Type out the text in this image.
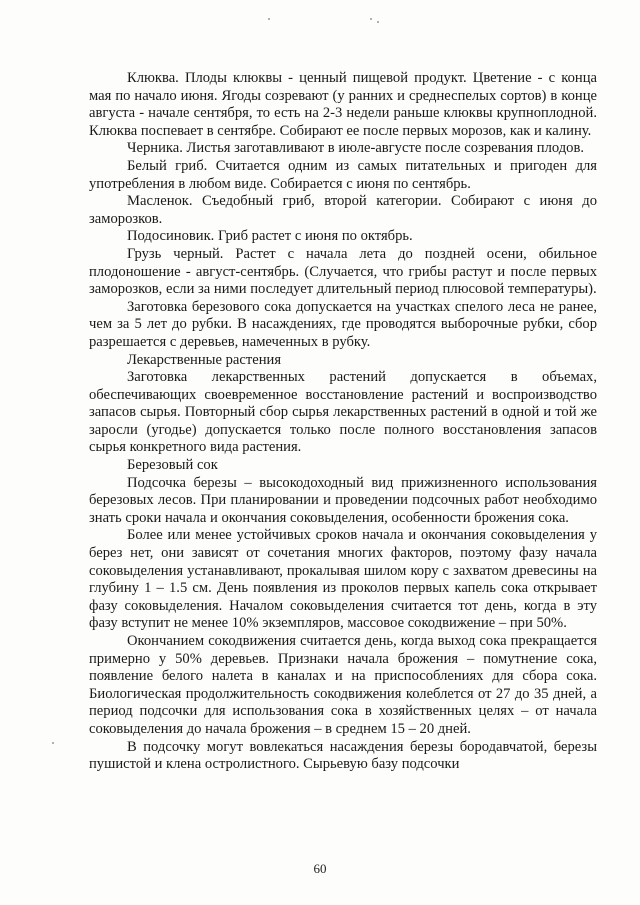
Клюква. Плоды клюквы - ценный пищевой продукт. Цветение - с конца мая по начало июня. Ягоды созревают (у ранних и среднеспелых сортов) в конце августа - начале сентября, то есть на 2-3 недели раньше клюквы крупноплодной. Клюква поспевает в сентябре. Собирают ее после первых морозов, как и калину.

Черника. Листья заготавливают в июле-августе после созревания плодов.

Белый гриб. Считается одним из самых питательных и пригоден для употребления в любом виде. Собирается с июня по сентябрь.

Масленок. Съедобный гриб, второй категории. Собирают с июня до заморозков.

Подосиновик. Гриб растет с июня по октябрь.

Грузь черный. Растет с начала лета до поздней осени, обильное плодоношение - август-сентябрь. (Случается, что грибы растут и после первых заморозков, если за ними последует длительный период плюсовой температуры).

Заготовка березового сока допускается на участках спелого леса не ранее, чем за 5 лет до рубки. В насаждениях, где проводятся выборочные рубки, сбор разрешается с деревьев, намеченных в рубку.

Лекарственные растения

Заготовка лекарственных растений допускается в объемах, обеспечивающих своевременное восстановление растений и воспроизводство запасов сырья. Повторный сбор сырья лекарственных растений в одной и той же заросли (угодье) допускается только после полного восстановления запасов сырья конкретного вида растения.

Березовый сок

Подсочка березы – высокодоходный вид прижизненного использования березовых лесов. При планировании и проведении подсочных работ необходимо знать сроки начала и окончания соковыделения, особенности брожения сока.

Более или менее устойчивых сроков начала и окончания соковыделения у берез нет, они зависят от сочетания многих факторов, поэтому фазу начала соковыделения устанавливают, прокалывая шилом кору с захватом древесины на глубину 1 – 1.5 см. День появления из проколов первых капель сока открывает фазу соковыделения. Началом соковыделения считается тот день, когда в эту фазу вступит не менее 10% экземпляров, массовое сокодвижение – при 50%.

Окончанием сокодвижения считается день, когда выход сока прекращается примерно у 50% деревьев. Признаки начала брожения – помутнение сока, появление белого налета в каналах и на приспособлениях для сбора сока. Биологическая продолжительность сокодвижения колеблется от 27 до 35 дней, а период подсочки для использования сока в хозяйственных целях – от начала соковыделения до начала брожения – в среднем 15 – 20 дней.

В подсочку могут вовлекаться насаждения березы бородавчатой, березы пушистой и клена остролистного. Сырьевую базу подсочки

60
